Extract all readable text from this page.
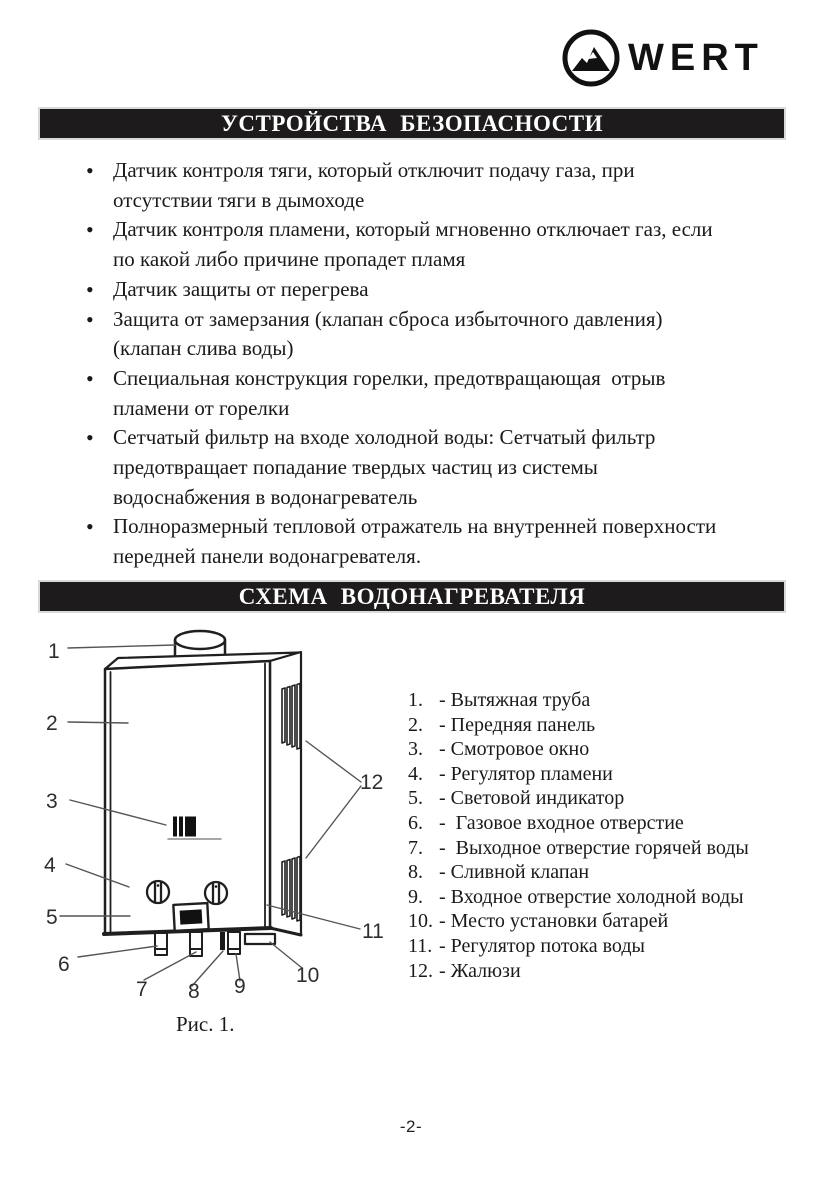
WERT
УСТРОЙСТВА БЕЗОПАСНОСТИ
• Датчик контроля тяги, который отключит подачу газа, при отсутствии тяги в дымоходе
• Датчик контроля пламени, который мгновенно отключает газ, если по какой либо причине пропадет пламя
• Датчик защиты от перегрева
• Защита от замерзания (клапан сброса избыточного давления) (клапан слива воды)
• Специальная конструкция горелки, предотвращающая  отрыв пламени от горелки
• Сетчатый фильтр на входе холодной воды: Сетчатый фильтр предотвращает попадание твердых частиц из системы водоснабжения в водонагреватель
• Полноразмерный тепловой отражатель на внутренней поверхности передней панели водонагревателя.
СХЕМА ВОДОНАГРЕВАТЕЛЯ
1
2
3
4
5
6
7 8 9 10
11
12
1. - Вытяжная труба
2. - Передняя панель
3. - Смотровое окно
4. - Регулятор пламени
5. - Световой индикатор
6. -  Газовое входное отверстие
7. -  Выходное отверстие горячей воды
8. - Сливной клапан
9. - Входное отверстие холодной воды
10. - Место установки батарей
11. - Регулятор потока воды
12. - Жалюзи
Рис. 1.
-2-
